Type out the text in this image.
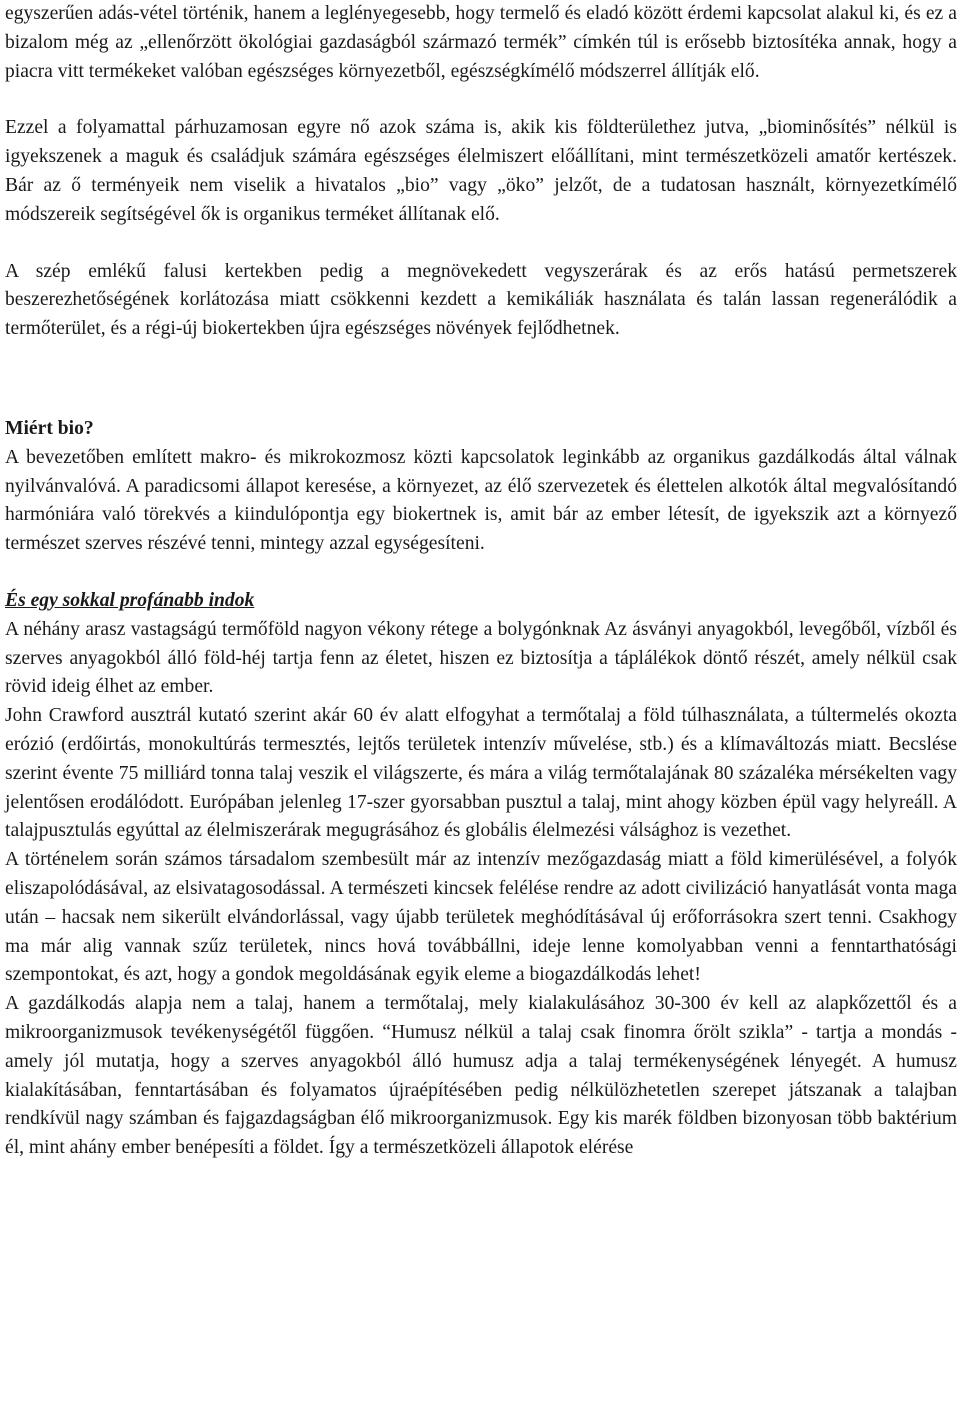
egyszerűen adás-vétel történik, hanem a leglényegesebb, hogy termelő és eladó között érdemi kapcsolat alakul ki, és ez a bizalom még az „ellenőrzött ökológiai gazdaságból származó termék” címkén túl is erősebb biztosítéka annak, hogy a piacra vitt termékeket valóban egészséges környezetből, egészségkímélő módszerrel állítják elő.

Ezzel a folyamattal párhuzamosan egyre nő azok száma is, akik kis földterülethez jutva, „biominősítés” nélkül is igyekszenek a maguk és családjuk számára egészséges élelmiszert előállítani, mint természetközeli amatőr kertészek. Bár az ő terményeik nem viselik a hivatalos „bio” vagy „öko” jelzőt, de a tudatosan használt, környezetkímélő módszereik segítségével ők is organikus terméket állítanak elő.

A szép emlékű falusi kertekben pedig a megnövekedett vegyszerárak és az erős hatású permetszerek beszerezhetőségének korlátozása miatt csökkenni kezdett a kemikáliák használata és talán lassan regenerálódik a termőterület, és a régi-új biokertekben újra egészséges növények fejlődhetnek.

Miért bio?

A bevezetőben említett makro- és mikrokozmosz közti kapcsolatok leginkább az organikus gazdálkodás által válnak nyilvánvalóvá. A paradicsomi állapot keresése, a környezet, az élő szervezetek és élettelen alkotók által megvalósítandó harmóniára való törekvés a kiindulópontja egy biokertnek is, amit bár az ember létesít, de igyekszik azt a környező természet szerves részévé tenni, mintegy azzal egységesíteni.

És egy sokkal profánabb indok

A néhány arasz vastagságú termőföld nagyon vékony rétege a bolygónknak Az ásványi anyagokból, levegőből, vízből és szerves anyagokból álló föld-héj tartja fenn az életet, hiszen ez biztosítja a táplálékok döntő részét, amely nélkül csak rövid ideig élhet az ember.

John Crawford ausztrál kutató szerint akár 60 év alatt elfogyhat a termőtalaj a föld túlhasználata, a túltermelés okozta erózió (erdőirtás, monokultúrás termesztés, lejtős területek intenzív művelése, stb.) és a klímaváltozás miatt. Becslése szerint évente 75 milliárd tonna talaj veszik el világszerte, és mára a világ termőtalajának 80 százaléka mérsékelten vagy jelentősen erodálódott. Európában jelenleg 17-szer gyorsabban pusztul a talaj, mint ahogy közben épül vagy helyreáll. A talajpusztulás egyúttal az élelmiszerárak megugrásához és globális élelmezési válsághoz is vezethet.

A történelem során számos társadalom szembesült már az intenzív mezőgazdaság miatt a föld kimerülésével, a folyók eliszapolódásával, az elsivatagosodással. A természeti kincsek felélése rendre az adott civilizáció hanyatlását vonta maga után – hacsak nem sikerült elvándorlással, vagy újabb területek meghódításával új erőforrásokra szert tenni. Csakhogy ma már alig vannak szűz területek, nincs hová továbbállni, ideje lenne komolyabban venni a fenntarthatósági szempontokat, és azt, hogy a gondok megoldásának egyik eleme a biogazdálkodás lehet!

A gazdálkodás alapja nem a talaj, hanem a termőtalaj, mely kialakulásához 30-300 év kell az alapkőzettől és a mikroorganizmusok tevékenységétől függően. “Humusz nélkül a talaj csak finomra őrölt szikla” - tartja a mondás - amely jól mutatja, hogy a szerves anyagokból álló humusz adja a talaj termékenységének lényegét. A humusz kialakításában, fenntartásában és folyamatos újraépítésében pedig nélkülözhetetlen szerepet játszanak a talajban rendkívül nagy számban és fajgazdagságban élő mikroorganizmusok. Egy kis marék földben bizonyosan több baktérium él, mint ahány ember benépesíti a földet. Így a természetközeli állapotok elérése
